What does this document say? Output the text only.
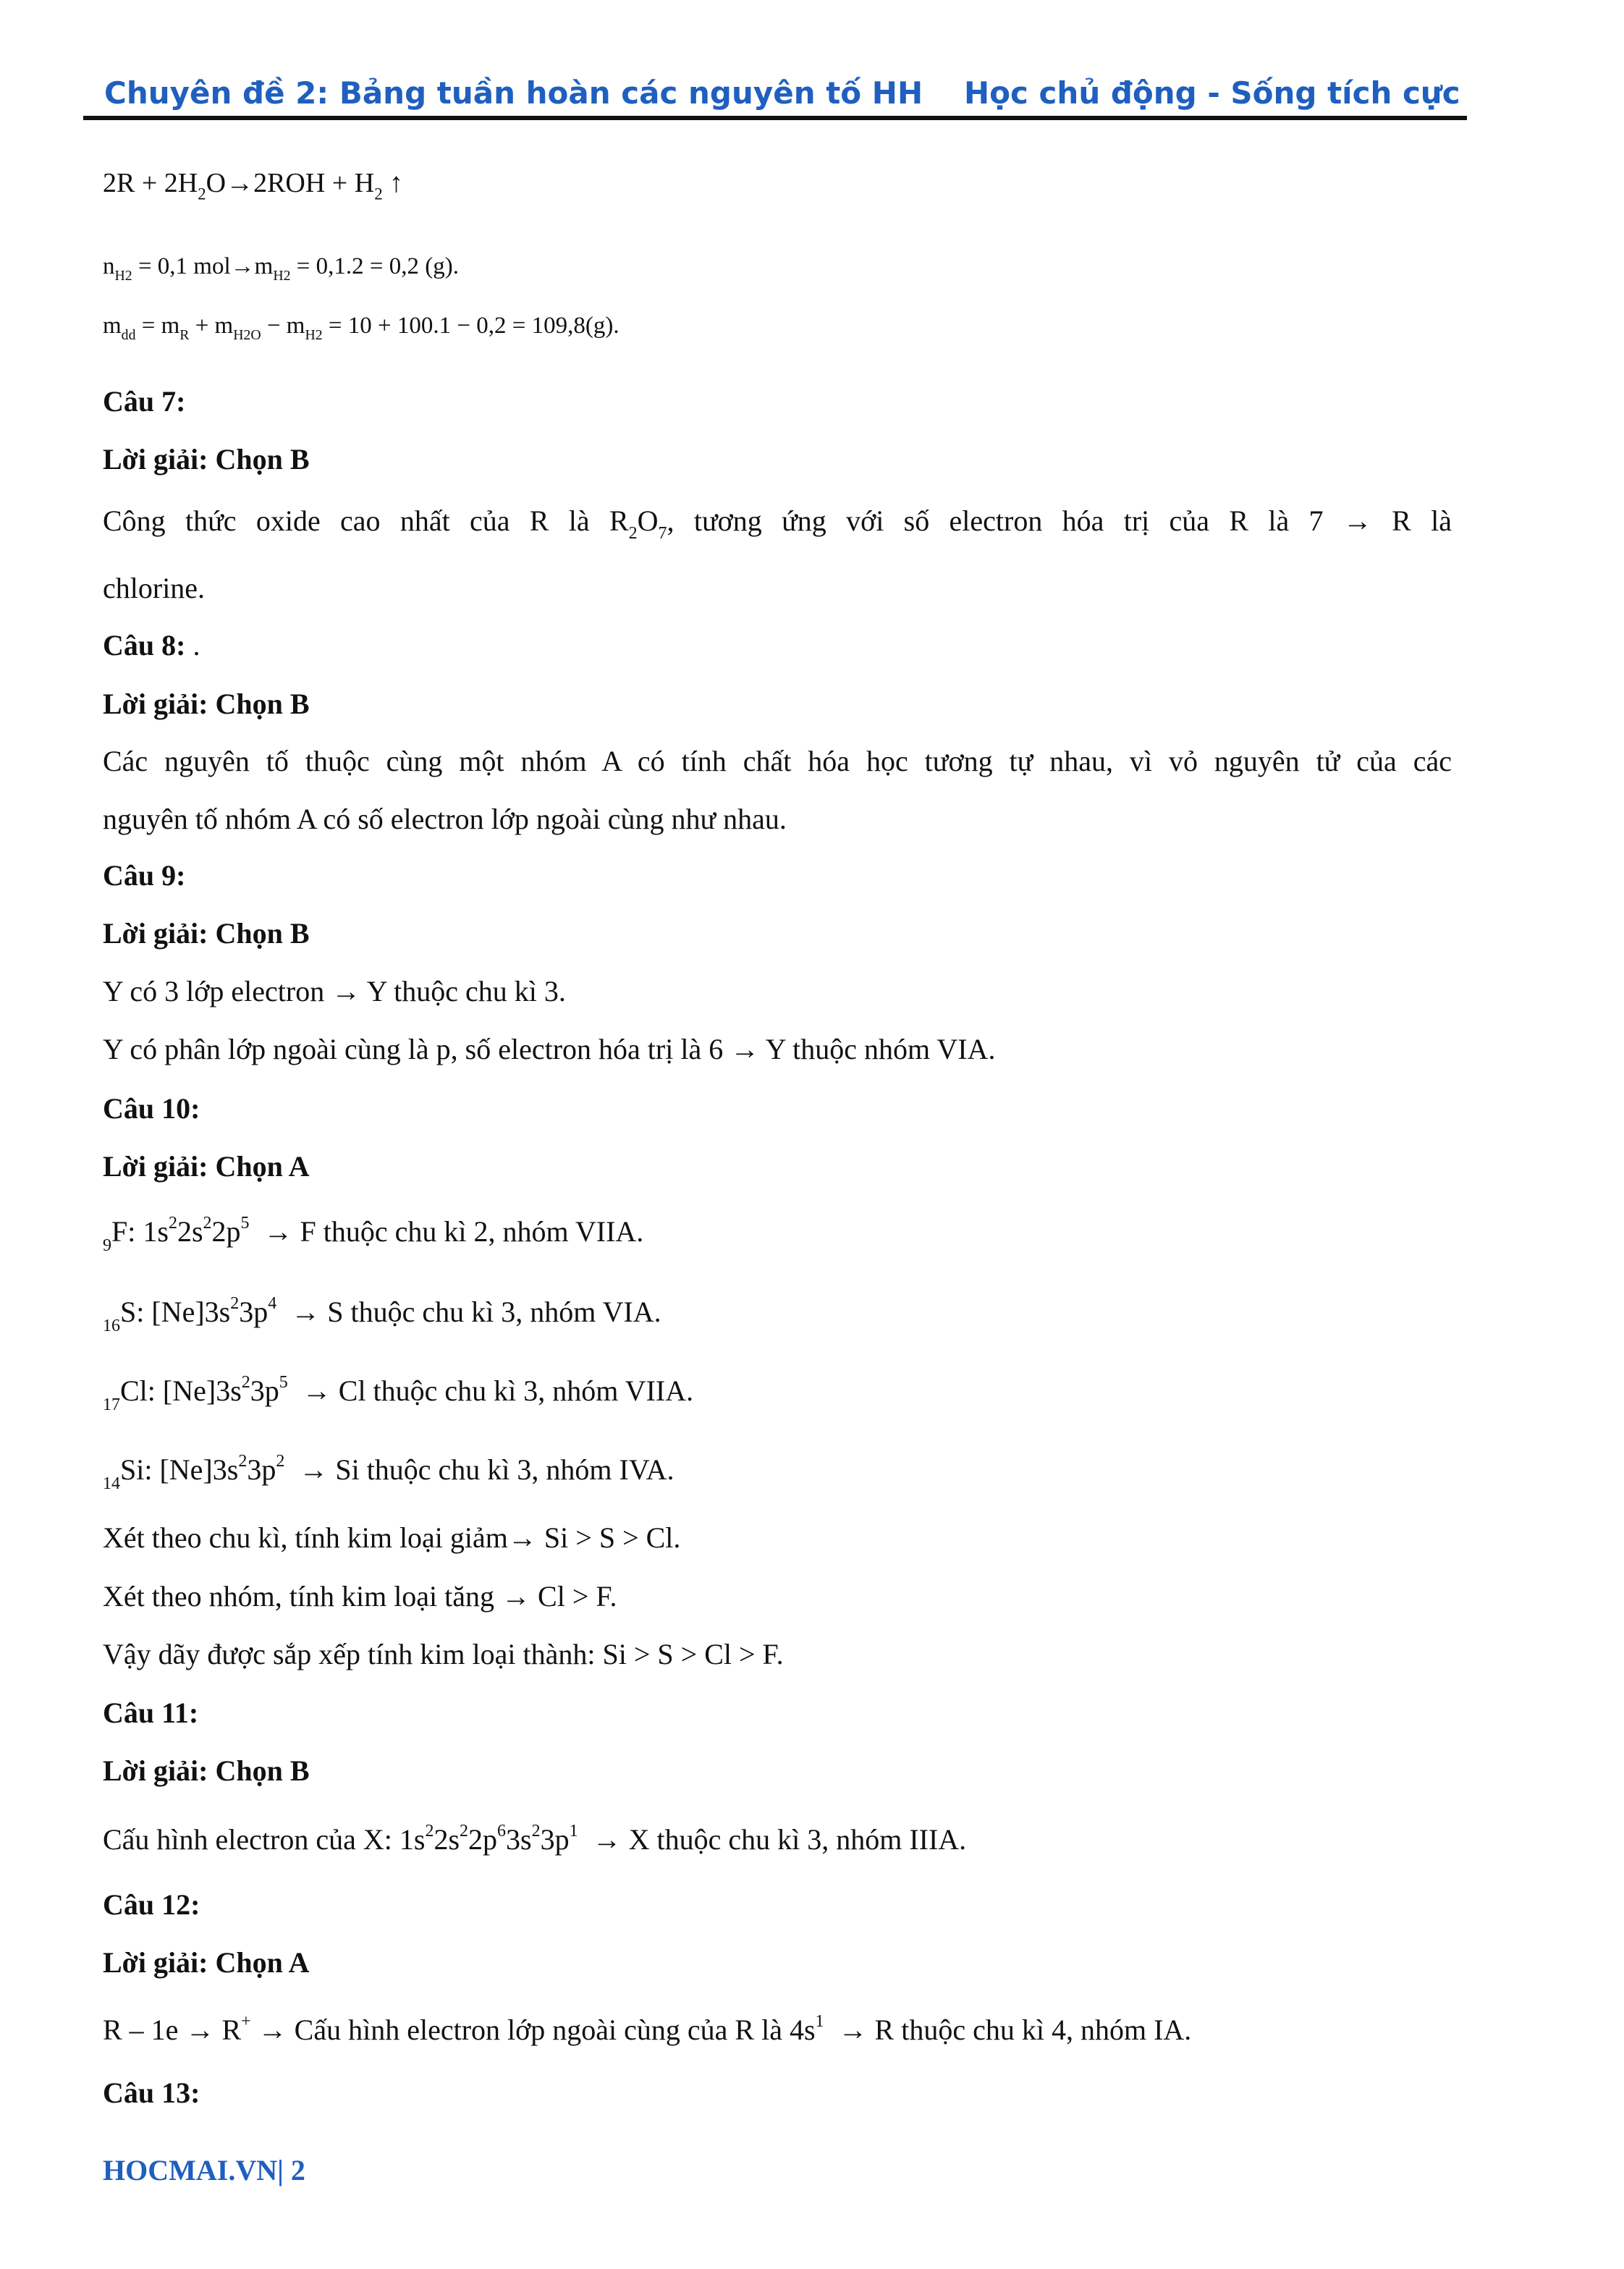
Chuyên đề 2: Bảng tuần hoàn các nguyên tố HH Học chủ động - Sống tích cực
$2R + 2H_2O\to 2ROH + H_2$ ↑
$n_{H2} = 0,1$ $mol\to m_{H2} = 0,1.2 = 0,2$ (g).
$m_{dd} = m_R + m_{H2O} - m_{H2} = 10 + 100.1 - 0,2 = 109,8(g)$.
Câu 7:
Lời giải: Chọn B
Công thức oxide cao nhất của R là $R_2O_7$, tương ứng với số electron hóa trị của R là 7 → R là
chlorine.
Câu 8: .
Lời giải: Chọn B
Các nguyên tố thuộc cùng một nhóm A có tính chất hóa học tương tự nhau, vì vỏ nguyên tử của các
nguyên tố nhóm A có số electron lớp ngoài cùng như nhau.
Câu 9:
Lời giải: Chọn B
Y có 3 lớp electron → Y thuộc chu kì 3.
Y có phân lớp ngoài cùng là p, số electron hóa trị là 6 → Y thuộc nhóm VIA.
Câu 10:
Lời giải: Chọn A
$_9$F: $1s^22s^22p^5 \to F$ thuộc chu kì 2, nhóm VIIA.
$_{16}$S: $[Ne]3s^23p^4 \to S$ thuộc chu kì 3, nhóm VIA.
$_{17}$Cl: $[Ne]3s^23p^5 \to Cl$ thuộc chu kì 3, nhóm VIIA.
$_{14}$Si: $[Ne]3s^23p^2 \to Si$ thuộc chu kì 3, nhóm IVA.
Xét theo chu kì, tính kim loại giảm→ Si > S > Cl.
Xét theo nhóm, tính kim loại tăng → Cl > F.
Vậy dãy được sắp xếp tính kim loại thành: Si > S > Cl > F.
Câu 11:
Lời giải: Chọn B
Cấu hình electron của X: $1s^22s^22p^63s^23p^1 \to X$ thuộc chu kì 3, nhóm IIIA.
Câu 12:
Lời giải: Chọn A
R – 1e → R+ → Cấu hình electron lớp ngoài cùng của R là $4s^1 \to R$ thuộc chu kì 4, nhóm IA.
Câu 13:
HOCMAI.VN| 2
